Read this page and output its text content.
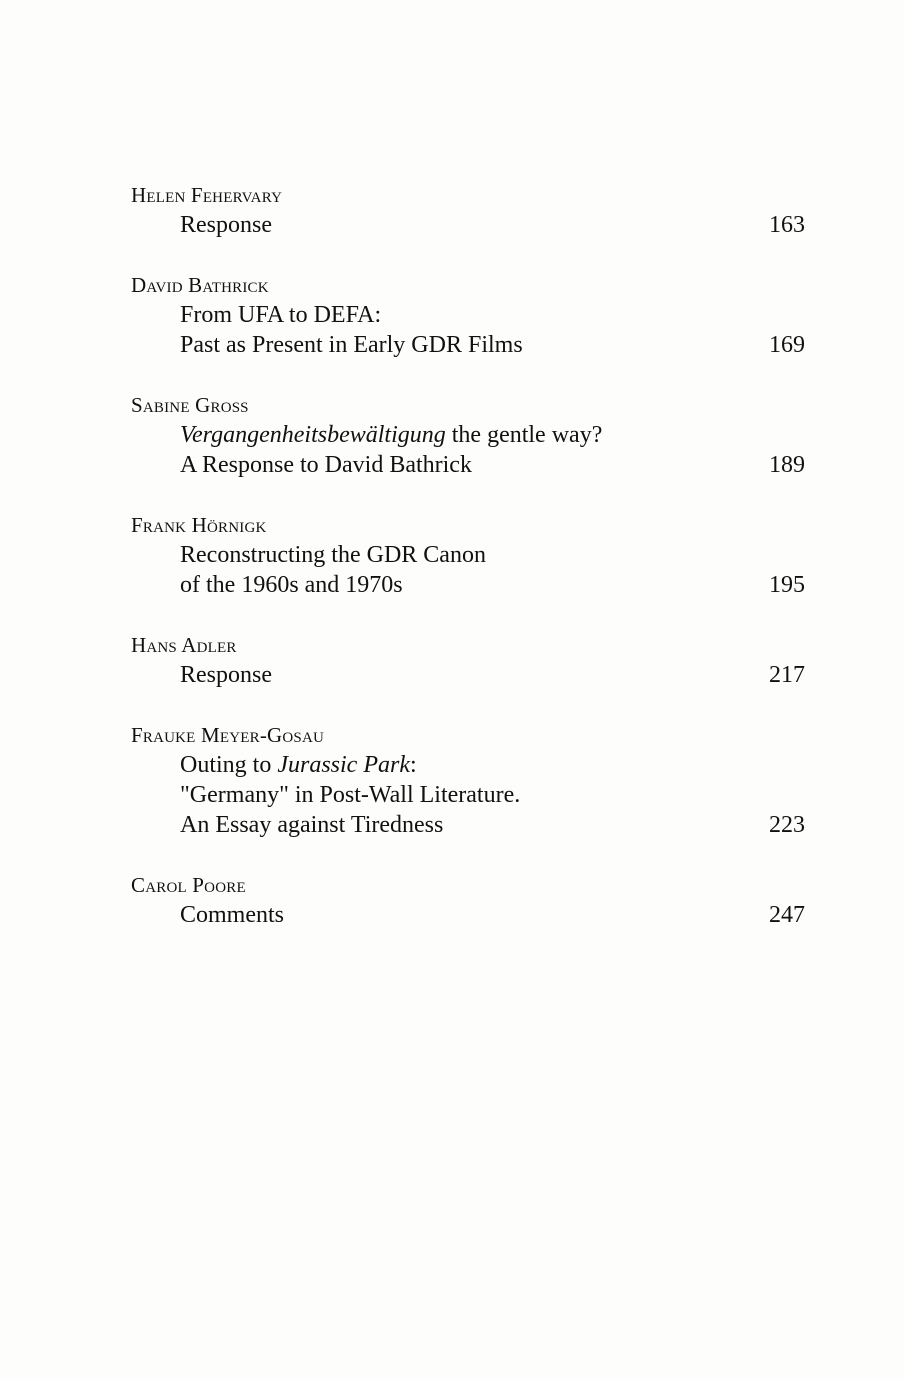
Helen Fehervary
Response	163
David Bathrick
From UFA to DEFA:
Past as Present in Early GDR Films	169
Sabine Groß
Vergangenheitsbewältigung the gentle way?
A Response to David Bathrick	189
Frank Hörnigk
Reconstructing the GDR Canon
of the 1960s and 1970s	195
Hans Adler
Response	217
Frauke Meyer-Gosau
Outing to Jurassic Park:
"Germany" in Post-Wall Literature.
An Essay against Tiredness	223
Carol Poore
Comments	247
